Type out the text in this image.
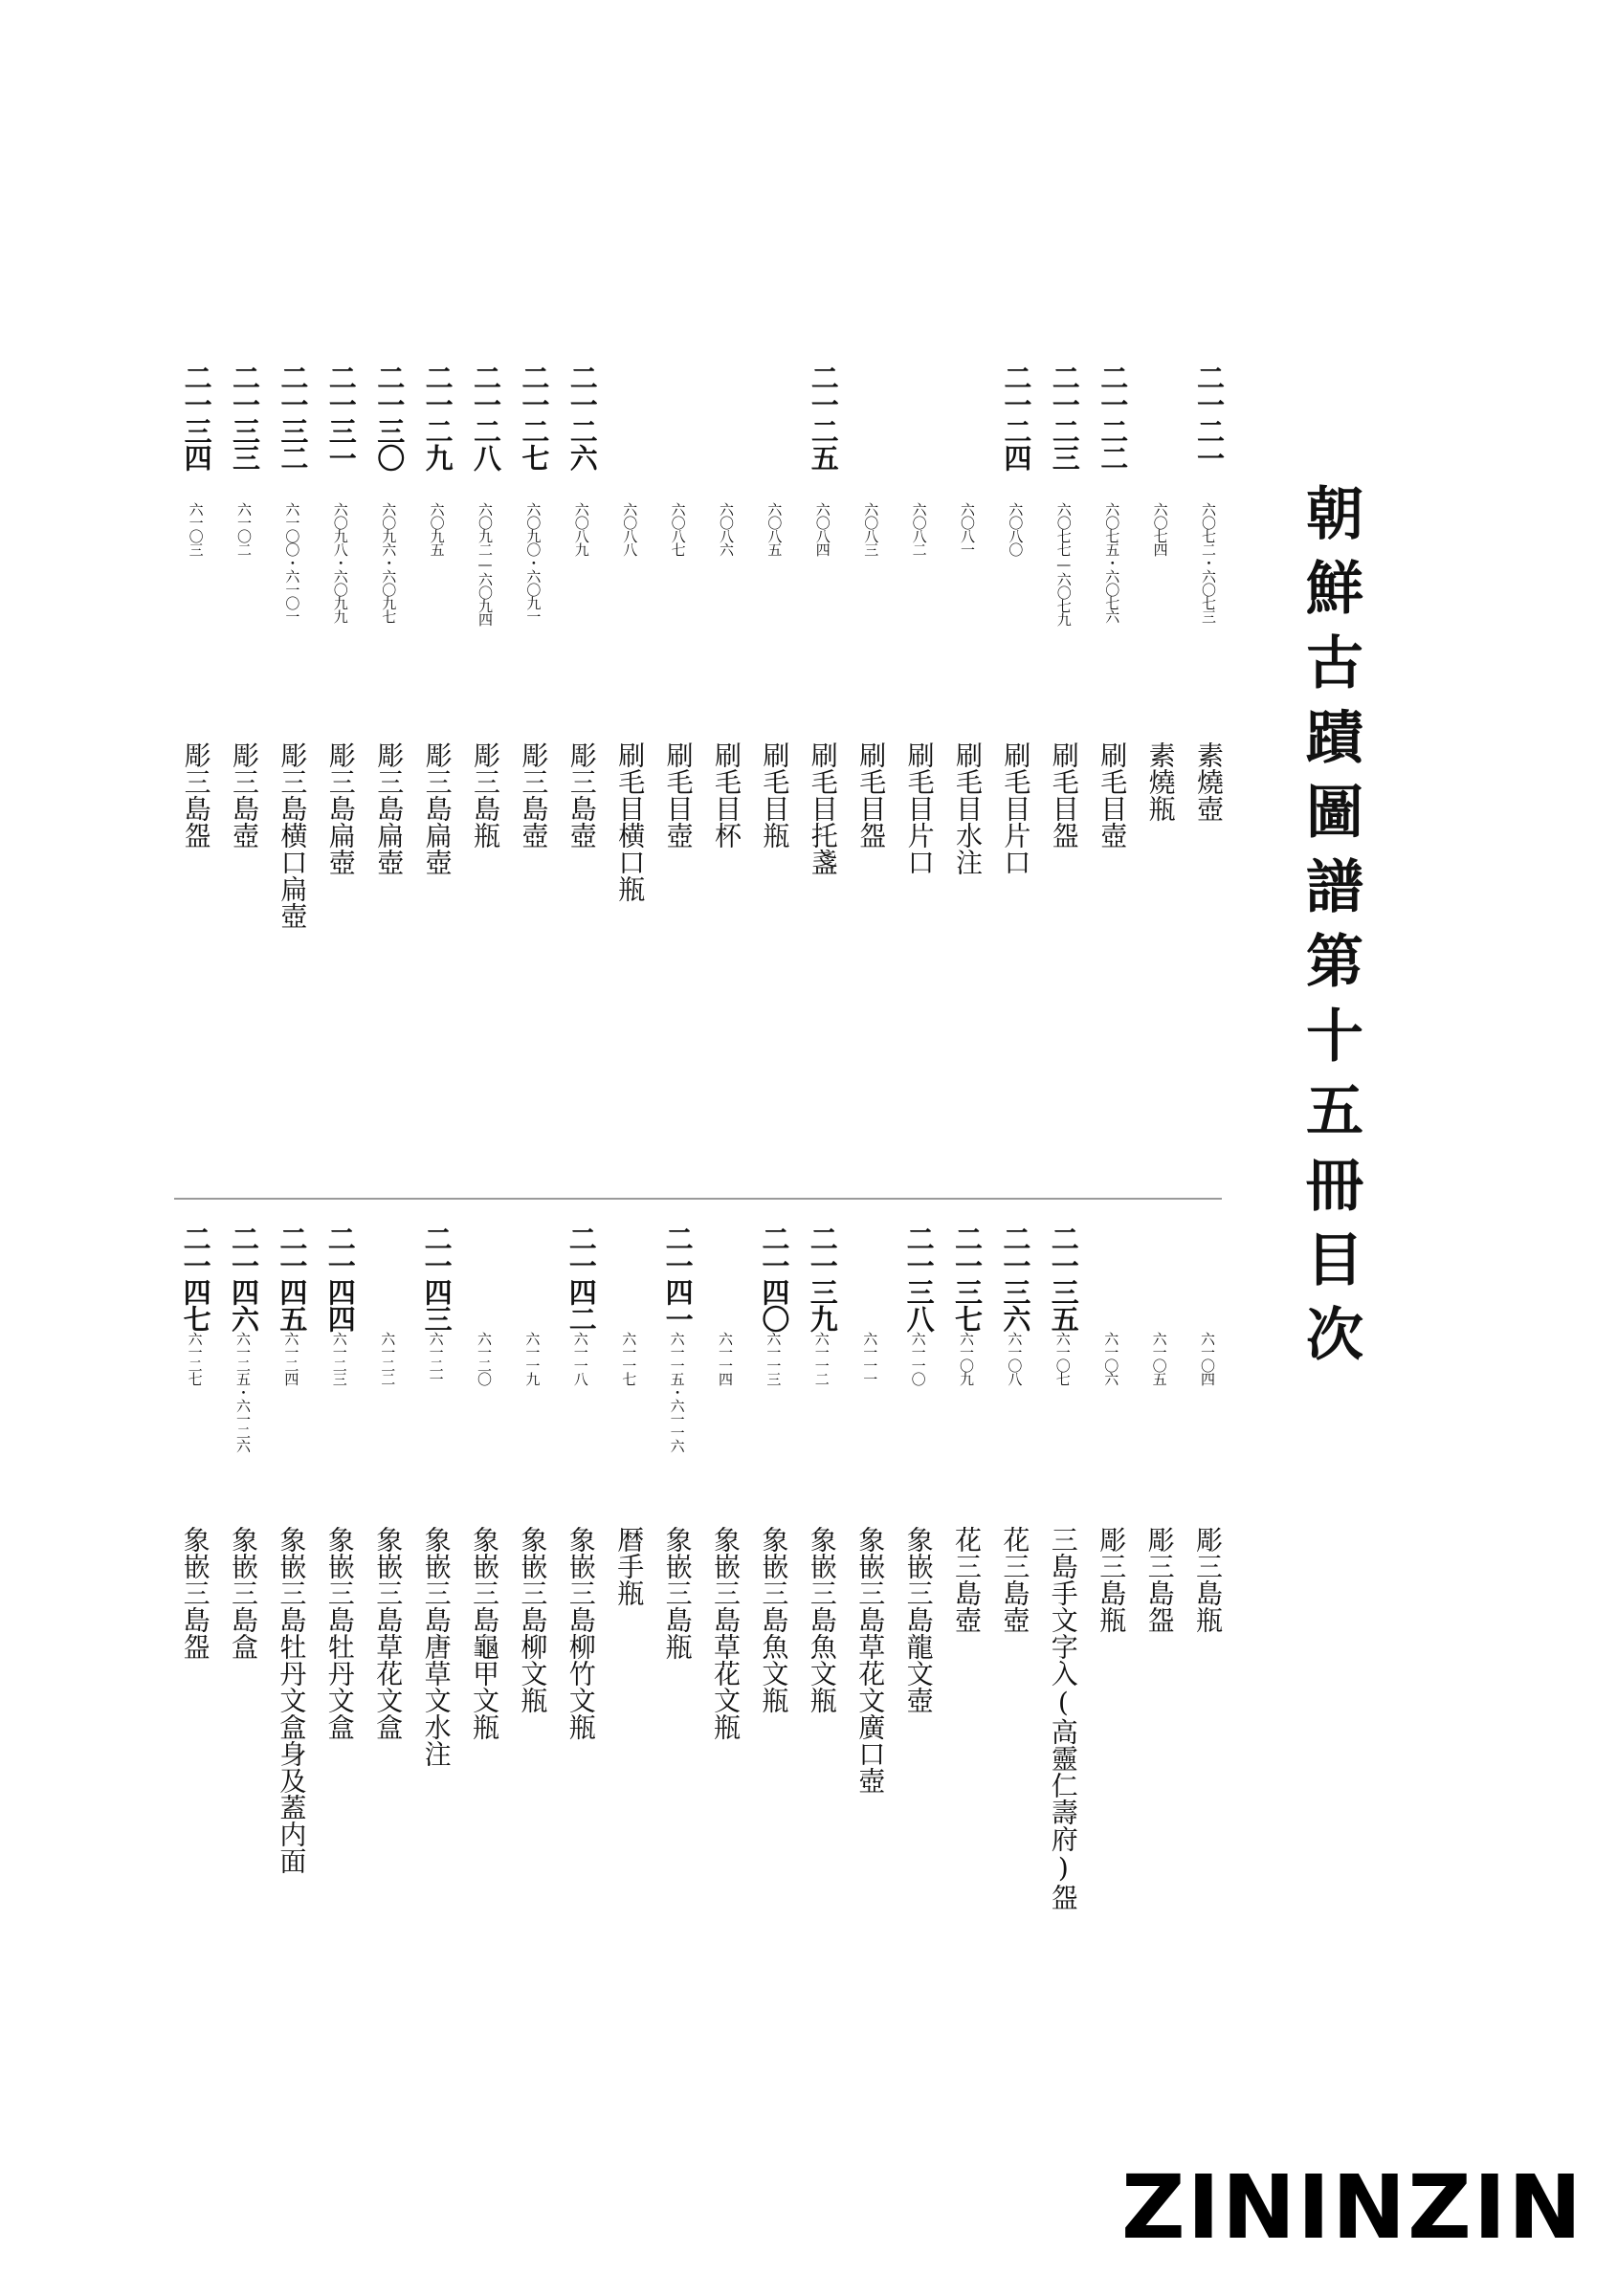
朝鮮古蹟圖譜第十五冊目次
二一二一
六〇七二・六〇七三
素燒壺
六〇七四
素燒瓶
二一二二
六〇七五・六〇七六
刷毛目壺
二一二三
六〇七七—六〇七九
刷毛目盌
二一二四
六〇八〇
刷毛目片口
六〇八一
刷毛目水注
六〇八二
刷毛目片口
六〇八三
刷毛目盌
二一二五
六〇八四
刷毛目托盞
六〇八五
刷毛目瓶
六〇八六
刷毛目杯
六〇八七
刷毛目壺
六〇八八
刷毛目横口瓶
二一二六
六〇八九
彫三島壺
二一二七
六〇九〇・六〇九一
彫三島壺
二一二八
六〇九二—六〇九四
彫三島瓶
二一二九
六〇九五
彫三島扁壺
二一三〇
六〇九六・六〇九七
彫三島扁壺
二一三一
六〇九八・六〇九九
彫三島扁壺
二一三二
六一〇〇・六一〇一
彫三島横口扁壺
二一三三
六一〇二
彫三島壺
二一三四
六一〇三
彫三島盌
六一〇四
彫三島瓶
六一〇五
彫三島盌
六一〇六
彫三島瓶
二一三五
六一〇七
三島手文字入(高靈仁壽府)盌
二一三六
六一〇八
花三島壺
二一三七
六一〇九
花三島壺
二一三八
六一一〇
象嵌三島龍文壺
六一一一
象嵌三島草花文廣口壺
二一三九
六一一二
象嵌三島魚文瓶
二一四〇
六一一三
象嵌三島魚文瓶
六一一四
象嵌三島草花文瓶
二一四一
六一一五・六一一六
象嵌三島瓶
六一一七
暦手瓶
二一四二
六一一八
象嵌三島柳竹文瓶
六一一九
象嵌三島柳文瓶
六一二〇
象嵌三島龜甲文瓶
二一四三
六一二一
象嵌三島唐草文水注
六一二二
象嵌三島草花文盒
二一四四
六一二三
象嵌三島牡丹文盒
二一四五
六一二四
象嵌三島牡丹文盒身及蓋内面
二一四六
六一二五・六一二六
象嵌三島盒
二一四七
六一二七
象嵌三島盌
ZININZIN
